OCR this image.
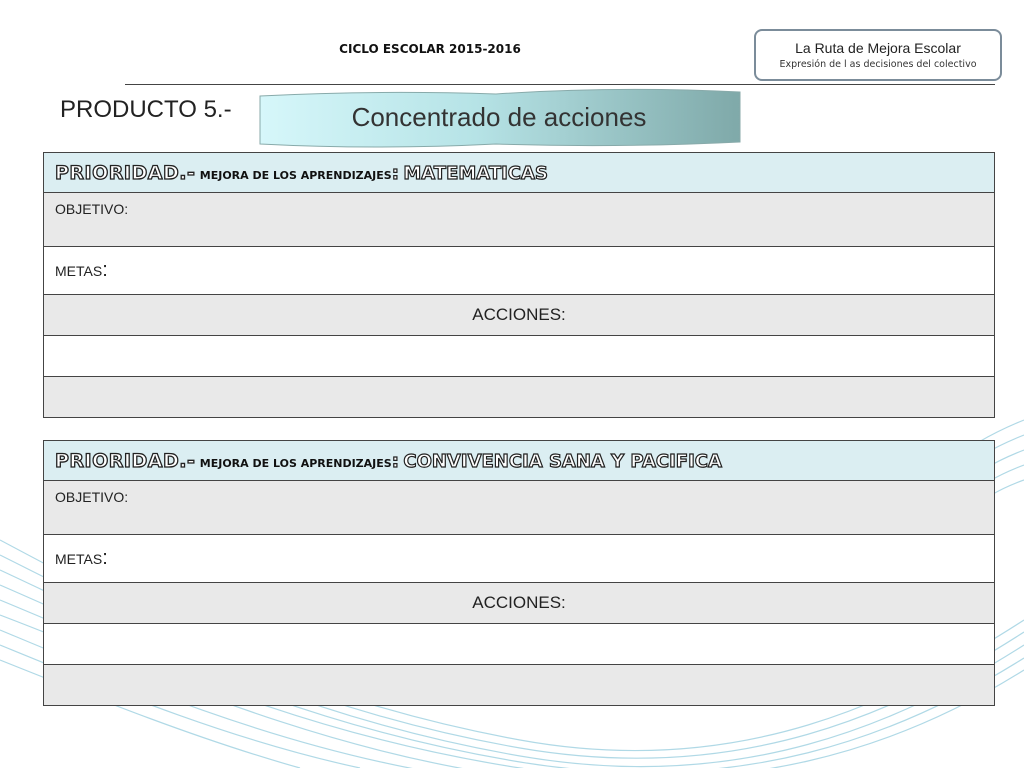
CICLO ESCOLAR 2015-2016	La Ruta de Mejora Escolar
Expresión de l as decisiones del colectivo
PRODUCTO 5.-	Concentrado de acciones
PRIORIDAD.- MEJORA DE LOS APRENDIZAJES: MATEMATICAS

OBJETIVO:

METAS:
ACCIONES:

PRIORIDAD.- MEJORA DE LOS APRENDIZAJES: CONVIVENCIA SANA Y PACIFICA

OBJETIVO:

METAS:
ACCIONES:
